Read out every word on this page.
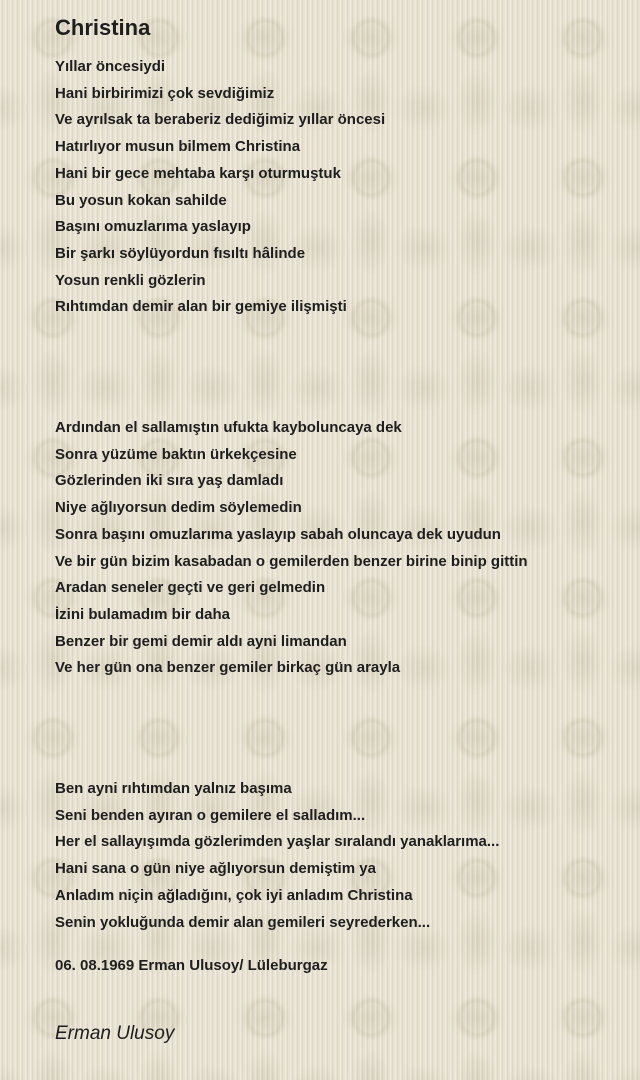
Christina

Yıllar öncesiydi

Hani birbirimizi çok sevdiğimiz

Ve ayrılsak ta beraberiz dediğimiz yıllar öncesi

Hatırlıyor musun bilmem Christina

Hani bir gece mehtaba karşı oturmuştuk

Bu yosun kokan sahilde

Başını omuzlarıma yaslayıp

Bir şarkı söylüyordun fısıltı hâlinde

Yosun renkli gözlerin

Rıhtımdan demir alan bir gemiye ilişmişti

Ardından el sallamıştın ufukta kayboluncaya dek

Sonra yüzüme baktın ürkekçesine

Gözlerinden iki sıra yaş damladı

Niye ağlıyorsun dedim söylemedin

Sonra başını omuzlarıma yaslayıp sabah oluncaya dek uyudun

Ve bir gün bizim kasabadan o gemilerden benzer birine binip gittin

Aradan seneler geçti ve geri gelmedin

İzini bulamadım bir daha

Benzer bir gemi demir aldı ayni limandan

Ve her gün ona benzer gemiler birkaç gün arayla

Ben ayni rıhtımdan yalnız başıma

Seni benden ayıran o gemilere el salladım...

Her el sallayışımda gözlerimden yaşlar sıralandı yanaklarıma...

Hani sana o gün niye ağlıyorsun demiştim ya

Anladım niçin ağladığını, çok iyi anladım Christina

Senin yokluğunda demir alan gemileri seyrederken...

06. 08.1969 Erman Ulusoy/ Lüleburgaz

Erman Ulusoy
